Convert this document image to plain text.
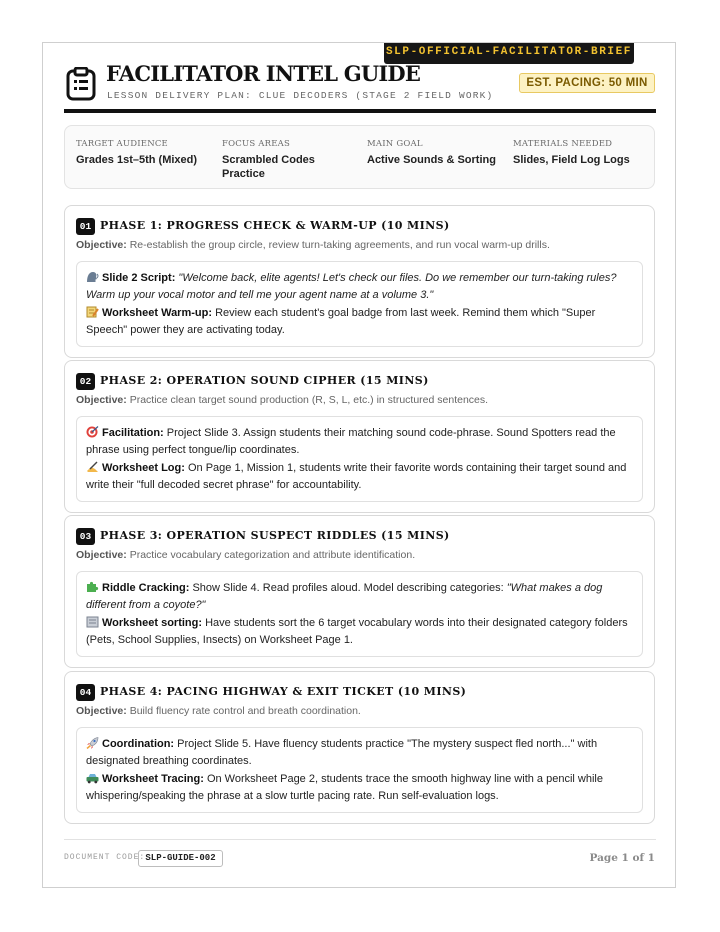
SLP-OFFICIAL-FACILITATOR-BRIEF
FACILITATOR INTEL GUIDE
LESSON DELIVERY PLAN: CLUE DECODERS (STAGE 2 FIELD WORK)
EST. PACING: 50 MIN
TARGET AUDIENCE
Grades 1st–5th (Mixed)
FOCUS AREAS
Scrambled Codes Practice
MAIN GOAL
Active Sounds & Sorting
MATERIALS NEEDED
Slides, Field Log Logs
01 PHASE 1: PROGRESS CHECK & WARM-UP (10 MINS)
Objective: Re-establish the group circle, review turn-taking agreements, and run vocal warm-up drills.
Slide 2 Script: "Welcome back, elite agents! Let's check our files. Do we remember our turn-taking rules? Warm up your vocal motor and tell me your agent name at a volume 3."
Worksheet Warm-up: Review each student's goal badge from last week. Remind them which "Super Speech" power they are activating today.
02 PHASE 2: OPERATION SOUND CIPHER (15 MINS)
Objective: Practice clean target sound production (R, S, L, etc.) in structured sentences.
Facilitation: Project Slide 3. Assign students their matching sound code-phrase. Sound Spotters read the phrase using perfect tongue/lip coordinates.
Worksheet Log: On Page 1, Mission 1, students write their favorite words containing their target sound and write their "full decoded secret phrase" for accountability.
03 PHASE 3: OPERATION SUSPECT RIDDLES (15 MINS)
Objective: Practice vocabulary categorization and attribute identification.
Riddle Cracking: Show Slide 4. Read profiles aloud. Model describing categories: "What makes a dog different from a coyote?"
Worksheet sorting: Have students sort the 6 target vocabulary words into their designated category folders (Pets, School Supplies, Insects) on Worksheet Page 1.
04 PHASE 4: PACING HIGHWAY & EXIT TICKET (10 MINS)
Objective: Build fluency rate control and breath coordination.
Coordination: Project Slide 5. Have fluency students practice "The mystery suspect fled north..." with designated breathing coordinates.
Worksheet Tracing: On Worksheet Page 2, students trace the smooth highway line with a pencil while whispering/speaking the phrase at a slow turtle pacing rate. Run self-evaluation logs.
DOCUMENT CODE: SLP-GUIDE-002	Page 1 of 1
